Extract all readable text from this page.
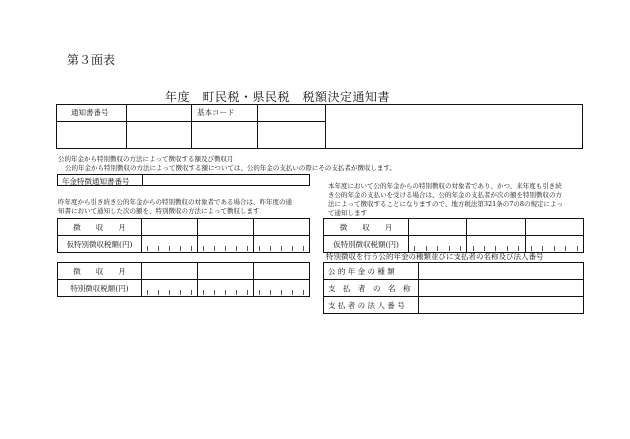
第３面表
年度　町民税・県民税　税額決定通知書
通知書番号	基本コード
公的年金から特別徴収の方法によって徴収する額及び徴収月
公的年金から特別徴収の方法によって徴収する額については、公的年金の支払いの際にその支払者が徴収します。
年金特徴通知書番号
昨年度から引き続き公的年金からの特別徴収の対象者である場合は、昨年度の通
知書において通知した次の額を、特別徴収の方法によって徴収します
本年度において公的年金からの特別徴収の対象者であり、かつ、来年度も引き続
き公的年金の支払いを受ける場合は、公的年金の支払者が次の額を特別徴収の方
法によって徴収することになりますので、地方税法第321条の7の8の規定によっ
て通知します
徴　　収　　月			
仮特別徴収税額(円)	

徴　　収　　月			
仮特別徴収税額(円)	

徴　　収　　月			
特別徴収税額(円)	

特別徴収を行う公的年金の種類並びに支払者の名称及び法人番号
公 的 年 金 の 種 類	
支　払　者　の　名　称	
支 払 者 の 法 人 番 号	
